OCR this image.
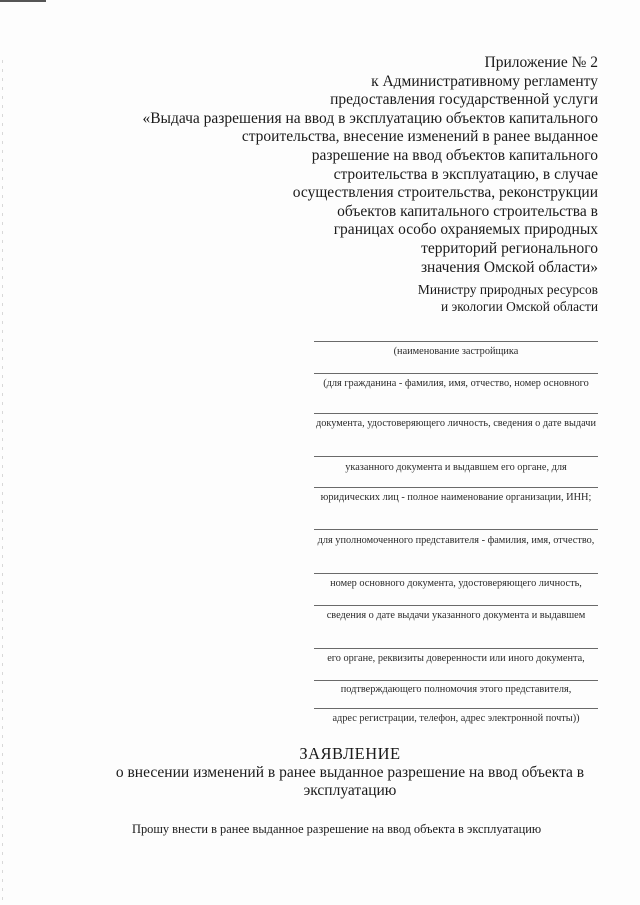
Приложение № 2
к Административному регламенту
предоставления государственной услуги
«Выдача разрешения на ввод в эксплуатацию объектов капитального
строительства, внесение изменений в ранее выданное
разрешение на ввод объектов капитального
строительства в эксплуатацию, в случае
осуществления строительства, реконструкции
объектов капитального строительства в
границах особо охраняемых природных
территорий регионального
значения Омской области»
Министру природных ресурсов
и экологии Омской области
(наименование застройщика
(для гражданина - фамилия, имя, отчество, номер основного
документа, удостоверяющего личность, сведения о дате выдачи
указанного документа и выдавшем его органе, для
юридических лиц - полное наименование организации, ИНН;
для уполномоченного представителя - фамилия, имя, отчество,
номер основного документа, удостоверяющего личность,
сведения о дате выдачи указанного документа и выдавшем
его органе, реквизиты доверенности или иного документа,
подтверждающего полномочия этого представителя,
адрес регистрации, телефон, адрес электронной почты))
ЗАЯВЛЕНИЕ
о внесении изменений в ранее выданное разрешение на ввод объекта в эксплуатацию
Прошу внести в ранее выданное разрешение на ввод объекта в эксплуатацию
